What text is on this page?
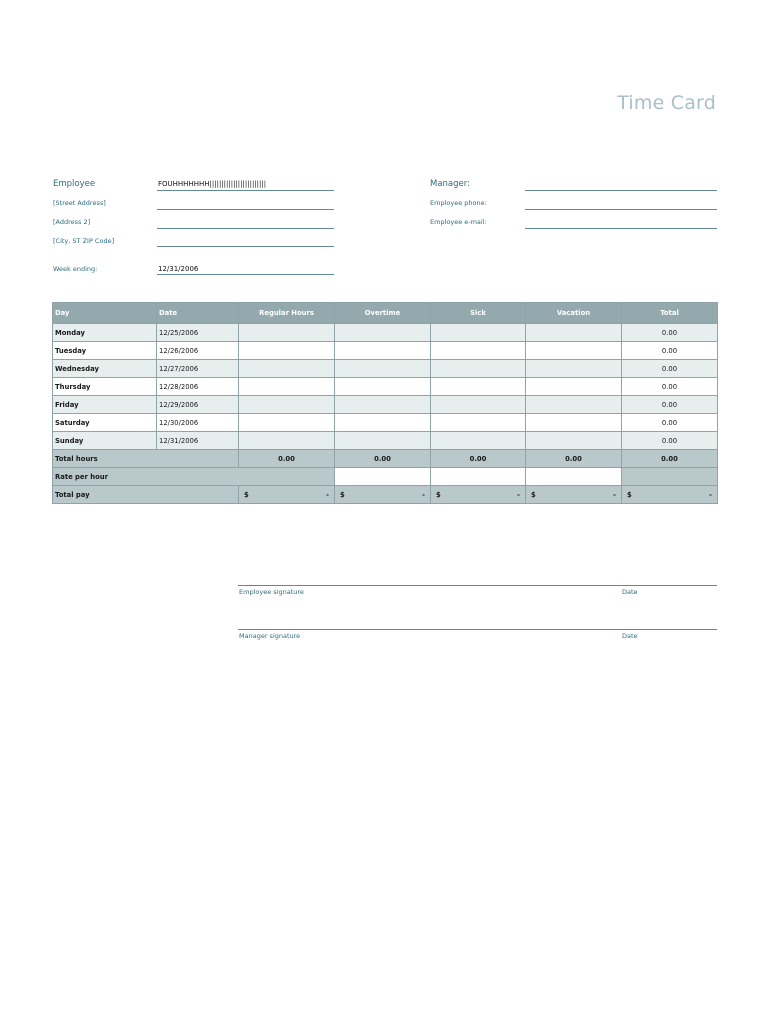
Time Card
Employee	FOUHHHHHHH||||||||||||||||||||||||
[Street Address]
[Address 2]
[City, ST ZIP Code]
Week ending:	12/31/2006
Manager:
Employee phone:
Employee e-mail:
Day	Date	Regular Hours	Overtime	Sick	Vacation	Total
Monday	12/25/2006					0.00
Tuesday	12/26/2006					0.00
Wednesday	12/27/2006					0.00
Thursday	12/28/2006					0.00
Friday	12/29/2006					0.00
Saturday	12/30/2006					0.00
Sunday	12/31/2006					0.00
Total hours		0.00	0.00	0.00	0.00	0.00
Rate per hour						
Total pay		$ -	$ -	$ -	$ -	$ -
Employee signature	Date
Manager signature	Date
